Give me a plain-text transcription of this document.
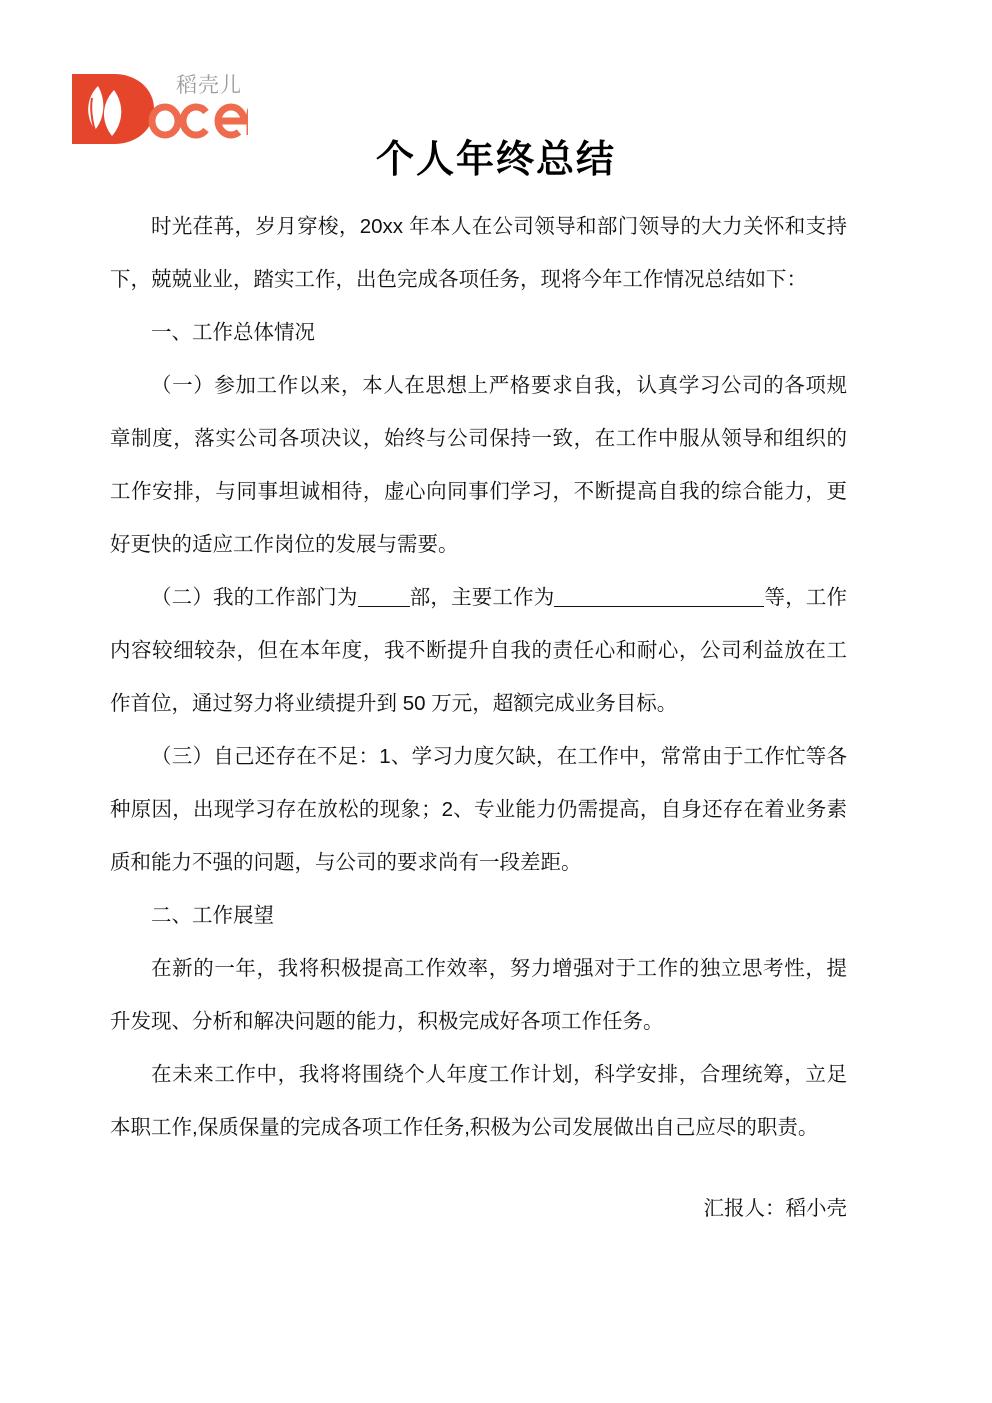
稻壳儿
个人年终总结

时光荏苒，岁月穿梭，20xx 年本人在公司领导和部门领导的大力关怀和支持下，兢兢业业，踏实工作，出色完成各项任务，现将今年工作情况总结如下：

一、工作总体情况

（一）参加工作以来，本人在思想上严格要求自我，认真学习公司的各项规章制度，落实公司各项决议，始终与公司保持一致，在工作中服从领导和组织的工作安排，与同事坦诚相待，虚心向同事们学习，不断提高自我的综合能力，更好更快的适应工作岗位的发展与需要。

（二）我的工作部门为	部，主要工作为	等，工作内容较细较杂，但在本年度，我不断提升自我的责任心和耐心，公司利益放在工作首位，通过努力将业绩提升到 50 万元，超额完成业务目标。

（三）自己还存在不足：1、学习力度欠缺，在工作中，常常由于工作忙等各种原因，出现学习存在放松的现象；2、专业能力仍需提高，自身还存在着业务素质和能力不强的问题，与公司的要求尚有一段差距。

二、工作展望

在新的一年，我将积极提高工作效率，努力增强对于工作的独立思考性，提升发现、分析和解决问题的能力，积极完成好各项工作任务。

在未来工作中，我将将围绕个人年度工作计划，科学安排，合理统筹，立足本职工作,保质保量的完成各项工作任务,积极为公司发展做出自己应尽的职责。

汇报人：稻小壳
